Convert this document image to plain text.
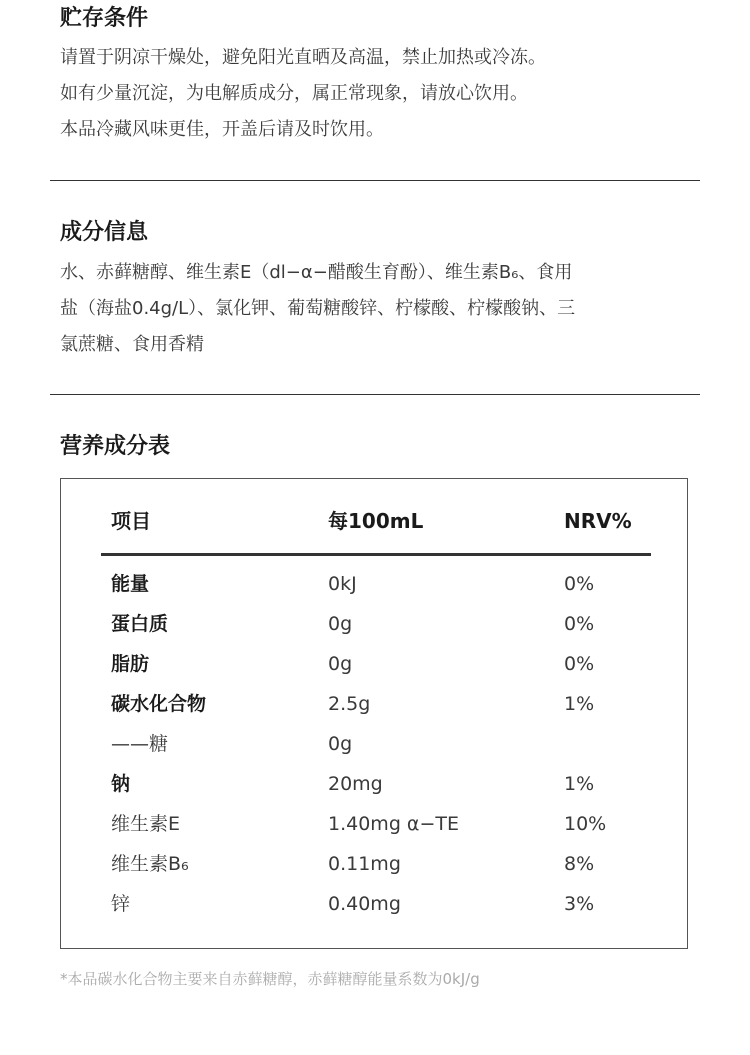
贮存条件
请置于阴凉干燥处，避免阳光直晒及高温，禁止加热或冷冻。
如有少量沉淀，为电解质成分，属正常现象，请放心饮用。
本品冷藏风味更佳，开盖后请及时饮用。
成分信息
水、赤藓糖醇、维生素E（dl−α−醋酸生育酚）、维生素B₆、食用
盐（海盐0.4g/L）、氯化钾、葡萄糖酸锌、柠檬酸、柠檬酸钠、三
氯蔗糖、食用香精
营养成分表
项目	每100mL	NRV%
能量	0kJ	0%
蛋白质	0g	0%
脂肪	0g	0%
碳水化合物	2.5g	1%
——糖	0g
钠	20mg	1%
维生素E	1.40mg α−TE	10%
维生素B₆	0.11mg	8%
锌	0.40mg	3%
*本品碳水化合物主要来自赤藓糖醇，赤藓糖醇能量系数为0kJ/g
